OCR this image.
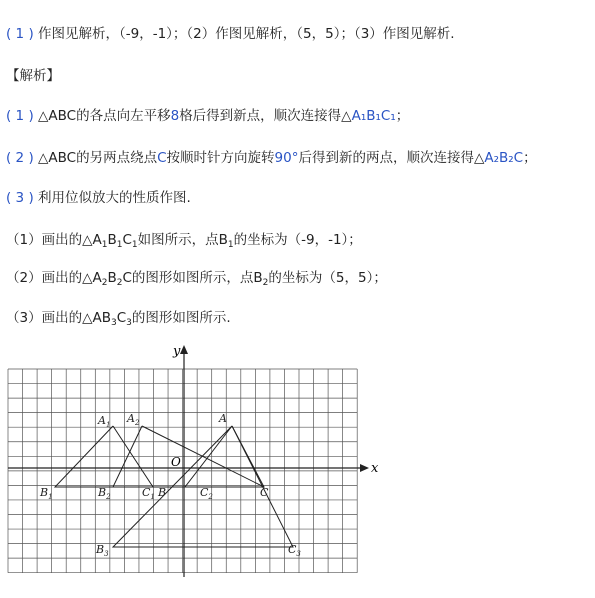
( 1 ) 作图见解析，（-9，-1）；（2）作图见解析，（5，5）；（3）作图见解析.
【解析】
( 1 ) △ABC的各点向左平移8格后得到新点，顺次连接得△A₁B₁C₁；
( 2 ) △ABC的另两点绕点C按顺时针方向旋转90°后得到新的两点，顺次连接得△A₂B₂C；
( 3 ) 利用位似放大的性质作图.
（1）画出的$\triangle A_1B_1C_1$如图所示，点$B_1$的坐标为（-9，-1）；
（2）画出的$\triangle A_2B_2C$的图形如图所示，点$B_2$的坐标为（5，5）；
（3）画出的$\triangle AB_3C_3$的图形如图所示.
x
y
O
$A_1$ $A_2$	A
$B_1$	$B_2$	B
$C_1$	$C_2$	C
$B_3$	$C_3$
